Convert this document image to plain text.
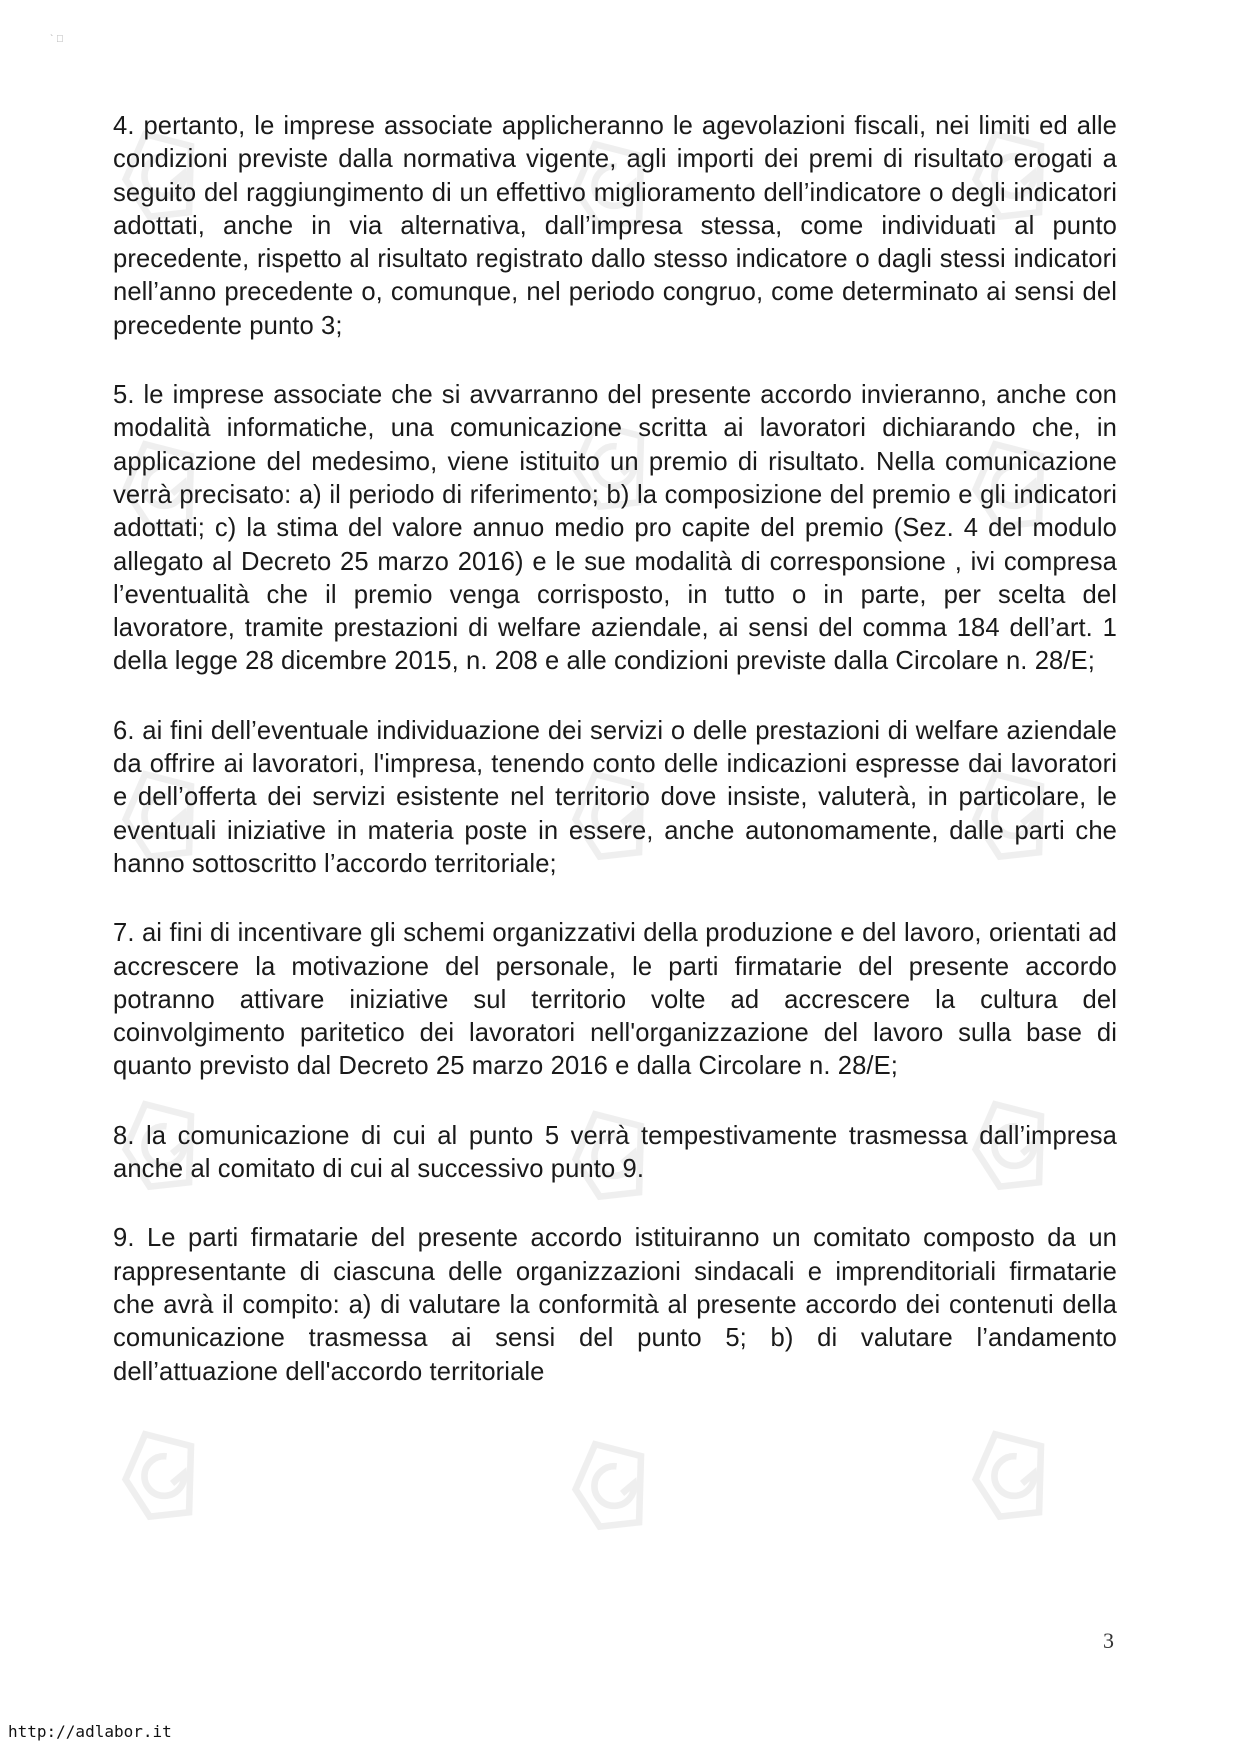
` ﾞ

4. pertanto, le imprese associate applicheranno le agevolazioni fiscali, nei limiti ed alle condizioni previste dalla normativa vigente, agli importi dei premi di risultato erogati a seguito del raggiungimento di un effettivo miglioramento dell’indicatore o degli indicatori adottati, anche in via alternativa, dall’impresa stessa, come individuati al punto precedente, rispetto al risultato registrato dallo stesso indicatore o dagli stessi indicatori nell’anno precedente o, comunque, nel periodo congruo, come determinato ai sensi del precedente punto 3;

5. le imprese associate che si avvarranno del presente accordo invieranno, anche con modalità informatiche, una comunicazione scritta ai lavoratori dichiarando che, in applicazione del medesimo, viene istituito un premio di risultato. Nella comunicazione verrà precisato: a) il periodo di riferimento; b) la composizione del premio e gli indicatori adottati; c) la stima del valore annuo medio pro capite del premio (Sez. 4 del modulo allegato al Decreto 25 marzo 2016) e le sue modalità di corresponsione , ivi compresa l’eventualità che il premio venga corrisposto, in tutto o in parte, per scelta del lavoratore, tramite prestazioni di welfare aziendale, ai sensi del comma 184 dell’art. 1 della legge 28 dicembre 2015, n. 208 e alle condizioni previste dalla Circolare n. 28/E;

6. ai fini dell’eventuale individuazione dei servizi o delle prestazioni di welfare aziendale da offrire ai lavoratori, l'impresa, tenendo conto delle indicazioni espresse dai lavoratori e dell’offerta dei servizi esistente nel territorio dove insiste, valuterà, in particolare, le eventuali iniziative in materia poste in essere, anche autonomamente, dalle parti che hanno sottoscritto l’accordo territoriale;

7. ai fini di incentivare gli schemi organizzativi della produzione e del lavoro, orientati ad accrescere la motivazione del personale, le parti firmatarie del presente accordo potranno attivare iniziative sul territorio volte ad accrescere la cultura del coinvolgimento paritetico dei lavoratori nell'organizzazione del lavoro sulla base di quanto previsto dal Decreto 25 marzo 2016 e dalla Circolare n. 28/E;

8. la comunicazione di cui al punto 5 verrà tempestivamente trasmessa dall’impresa anche al comitato di cui al successivo punto 9.

9. Le parti firmatarie del presente accordo istituiranno un comitato composto da un rappresentante di ciascuna delle organizzazioni sindacali e imprenditoriali firmatarie che avrà il compito: a) di valutare la conformità al presente accordo dei contenuti della comunicazione trasmessa ai sensi del punto 5; b) di valutare l’andamento dell’attuazione dell'accordo territoriale

3
http://adlabor.it
